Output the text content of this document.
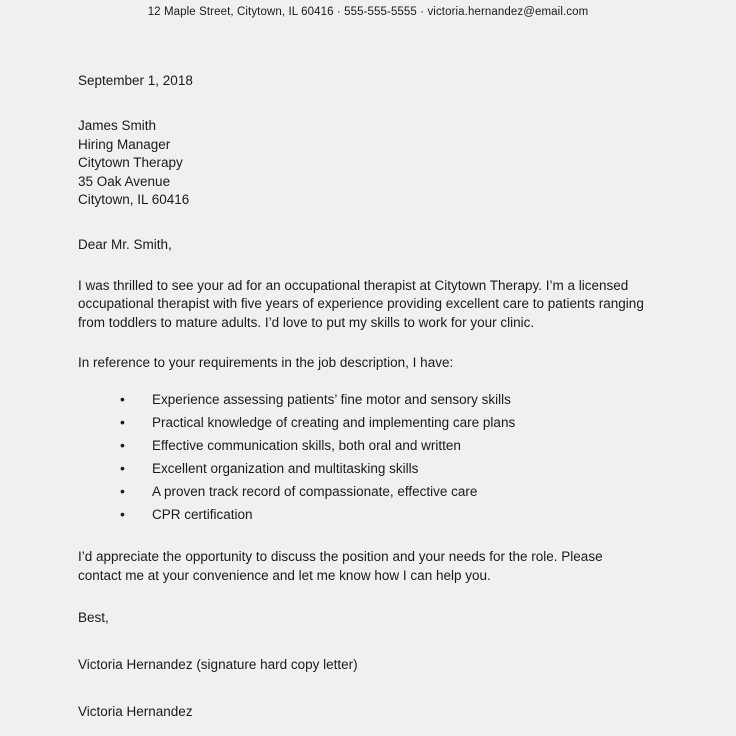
12 Maple Street, Citytown, IL 60416 · 555-555-5555 · victoria.hernandez@email.com
September 1, 2018
James Smith
Hiring Manager
Citytown Therapy
35 Oak Avenue
Citytown, IL 60416
Dear Mr. Smith,
I was thrilled to see your ad for an occupational therapist at Citytown Therapy. I’m a licensed occupational therapist with five years of experience providing excellent care to patients ranging from toddlers to mature adults. I’d love to put my skills to work for your clinic.
In reference to your requirements in the job description, I have:
• Experience assessing patients’ fine motor and sensory skills
• Practical knowledge of creating and implementing care plans
• Effective communication skills, both oral and written
• Excellent organization and multitasking skills
• A proven track record of compassionate, effective care
• CPR certification
I’d appreciate the opportunity to discuss the position and your needs for the role. Please contact me at your convenience and let me know how I can help you.
Best,
Victoria Hernandez (signature hard copy letter)
Victoria Hernandez
